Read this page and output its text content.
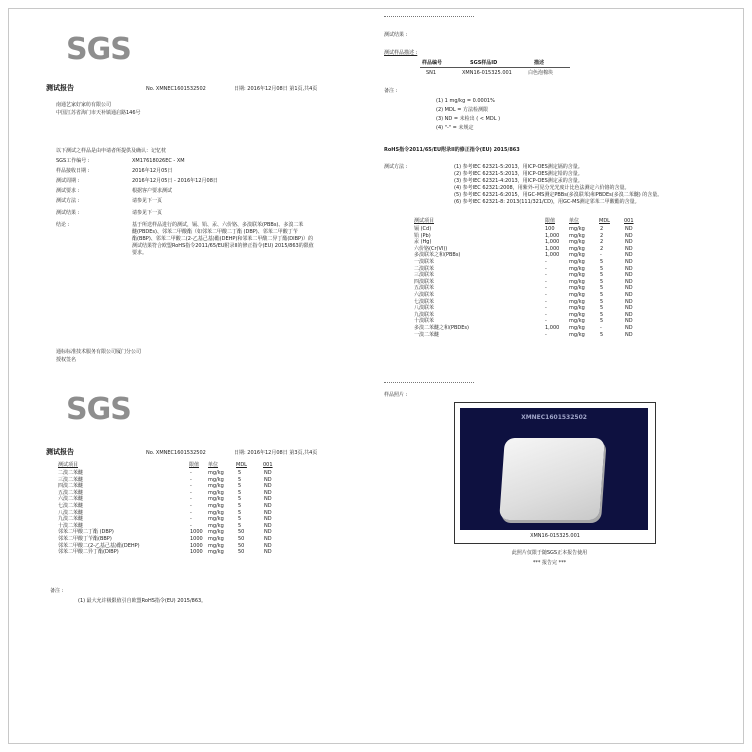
SGS
测试报告	No. XMNEC1601532502	日期: 2016年12月08日 第1页,共4页
南通艺家好家纺有限公司
中国江苏省海门市天补镇通启路146号
以下测试之样品是由申请者所提供及确认：记忆枕
SGS工作编号 :	XM17618026EC - XM
样品接收日期 :	2016年12月05日
测试周期 :	2016年12月05日 - 2016年12月08日
测试要求 :	根据客户要求测试
测试方法 :	请参见下一页
测试结果 :	请参见下一页
结论 :	基于所送样品进行的测试，镉、铅、汞、六价铬、多溴联苯(PBBs)、多溴二苯
醚(PBDEs)、邻苯二甲酸酯（如邻苯二甲酸二丁酯 (DBP)、邻苯二甲酸丁苄
酯(BBP)、邻苯二甲酸二(2-乙基己基)酯(DEHP)和邻苯二甲酸二异丁酯(DIBP)）的
测试结果符合欧盟RoHS指令2011/65/EU附录II的修正指令(EU) 2015/863的限值
要求。
通标标准技术服务有限公司厦门分公司
授权签名
测试结果 :
测试样品描述 :
样品编号	SGS样品ID	描述
SN1	XMN16-015325.001	白色泡棉块
备注 :
(1) 1 mg/kg = 0.0001%
(2) MDL = 方法检测限
(3) ND = 未检出 ( < MDL )
(4) "-" = 未规定
RoHS指令2011/65/EU附录II的修正指令(EU) 2015/863
测试方法 :	(1) 参考IEC 62321-5:2013，用ICP-OES测定镉的含量。
(2) 参考IEC 62321-5:2013，用ICP-OES测定铅的含量。
(3) 参考IEC 62321-4:2013，用ICP-OES测定汞的含量。
(4) 参考IEC 62321:2008，用紫外-可见分光光度计比色法测定六价铬的含量。
(5) 参考IEC 62321-6:2015，用GC-MS测定PBBs(多溴联苯)和PBDEs(多溴二苯醚) 的含量。
(6) 参考IEC 62321-8: 2013(111/321/CD)，用GC-MS测定邻苯二甲酸酯的含量。
测试项目	限值	单位	MDL	001
镉 (Cd)	100	mg/kg	2	ND
铅 (Pb)	1,000 mg/kg	2	ND
汞 (Hg)	1,000 mg/kg	2	ND
六价铬(Cr(VI))	1,000 mg/kg	2	ND
多溴联苯之和(PBBs)	1,000 mg/kg	-	ND
一溴联苯	-	mg/kg	5	ND
二溴联苯	-	mg/kg	5	ND
三溴联苯	-	mg/kg	5	ND
四溴联苯	-	mg/kg	5	ND
五溴联苯	-	mg/kg	5	ND
六溴联苯	-	mg/kg	5	ND
七溴联苯	-	mg/kg	5	ND
八溴联苯	-	mg/kg	5	ND
九溴联苯	-	mg/kg	5	ND
十溴联苯	-	mg/kg	5	ND
多溴二苯醚之和(PBDEs)	1,000 mg/kg	-	ND
一溴二苯醚	-	mg/kg	5	ND
SGS
测试报告	No. XMNEC1601532502	日期: 2016年12月08日 第3页,共4页
测试项目	限值 单位	MDL	001
二溴二苯醚	-	mg/kg	5	ND
三溴二苯醚	-	mg/kg	5	ND
四溴二苯醚	-	mg/kg	5	ND
五溴二苯醚	-	mg/kg	5	ND
六溴二苯醚	-	mg/kg	5	ND
七溴二苯醚	-	mg/kg	5	ND
八溴二苯醚	-	mg/kg	5	ND
九溴二苯醚	-	mg/kg	5	ND
十溴二苯醚	-	mg/kg	5	ND
邻苯二甲酸二丁酯 (DBP)	1000 mg/kg	50	ND
邻苯二甲酸丁苄酯(BBP)	1000 mg/kg	50	ND
邻苯二甲酸二(2-乙基己基)酯(DEHP)	1000 mg/kg	50	ND
邻苯二甲酸二异丁酯(DIBP)	1000 mg/kg	50	ND
备注 :
(1) 最大允许极限值引自欧盟RoHS指令(EU) 2015/863。
样品照片 :
XMNEC1601532502
XMN16-015325.001
此照片仅限于随SGS正本报告使用
*** 报告完 ***
